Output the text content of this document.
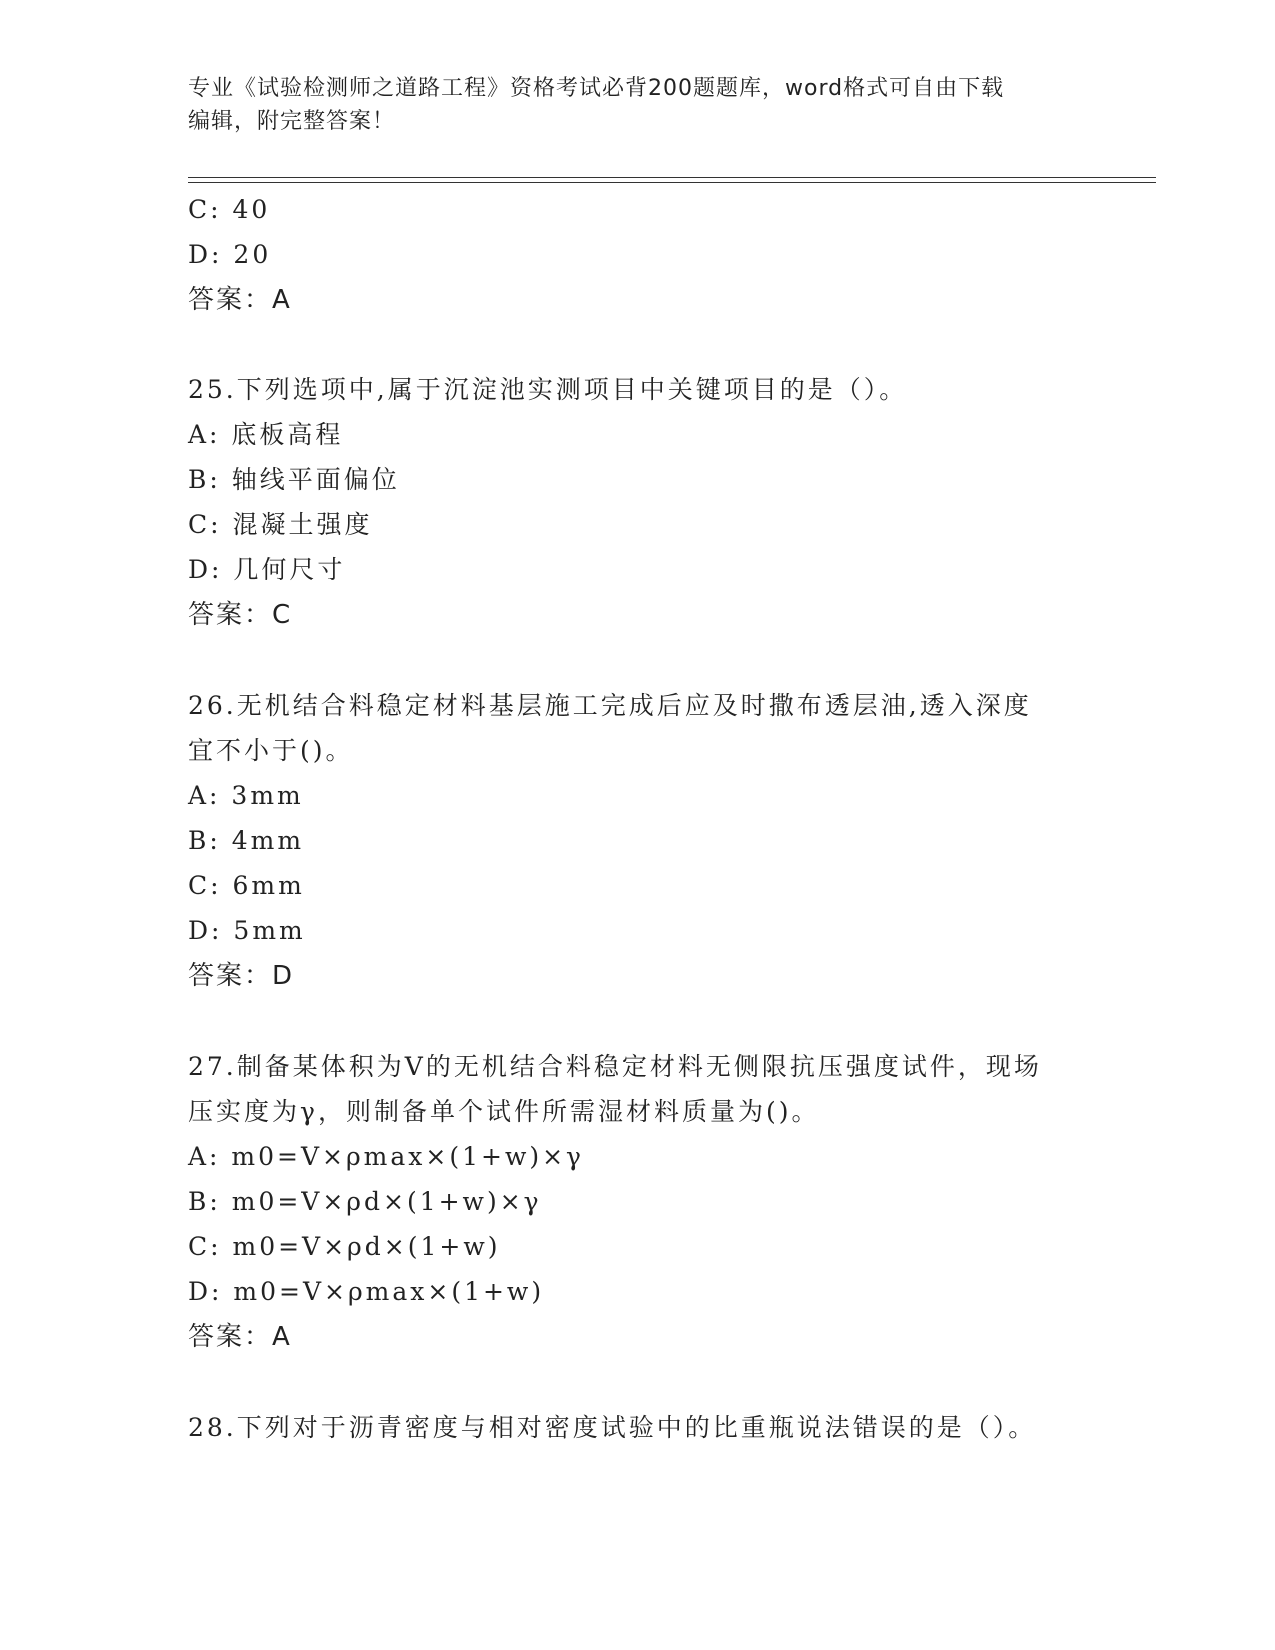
专业《试验检测师之道路工程》资格考试必背200题题库，word格式可自由下载
编辑，附完整答案！
C: 40
D: 20
答案：A
25.下列选项中,属于沉淀池实测项目中关键项目的是（）。
A: 底板高程
B: 轴线平面偏位
C: 混凝土强度
D: 几何尺寸
答案：C
26.无机结合料稳定材料基层施工完成后应及时撒布透层油,透入深度
宜不小于()。
A: 3mm
B: 4mm
C: 6mm
D: 5mm
答案：D
27.制备某体积为V的无机结合料稳定材料无侧限抗压强度试件，现场
压实度为γ，则制备单个试件所需湿材料质量为()。
A: m0=V×ρmax×(1+w)×γ
B: m0=V×ρd×(1+w)×γ
C: m0=V×ρd×(1+w)
D: m0=V×ρmax×(1+w)
答案：A
28.下列对于沥青密度与相对密度试验中的比重瓶说法错误的是（）。
